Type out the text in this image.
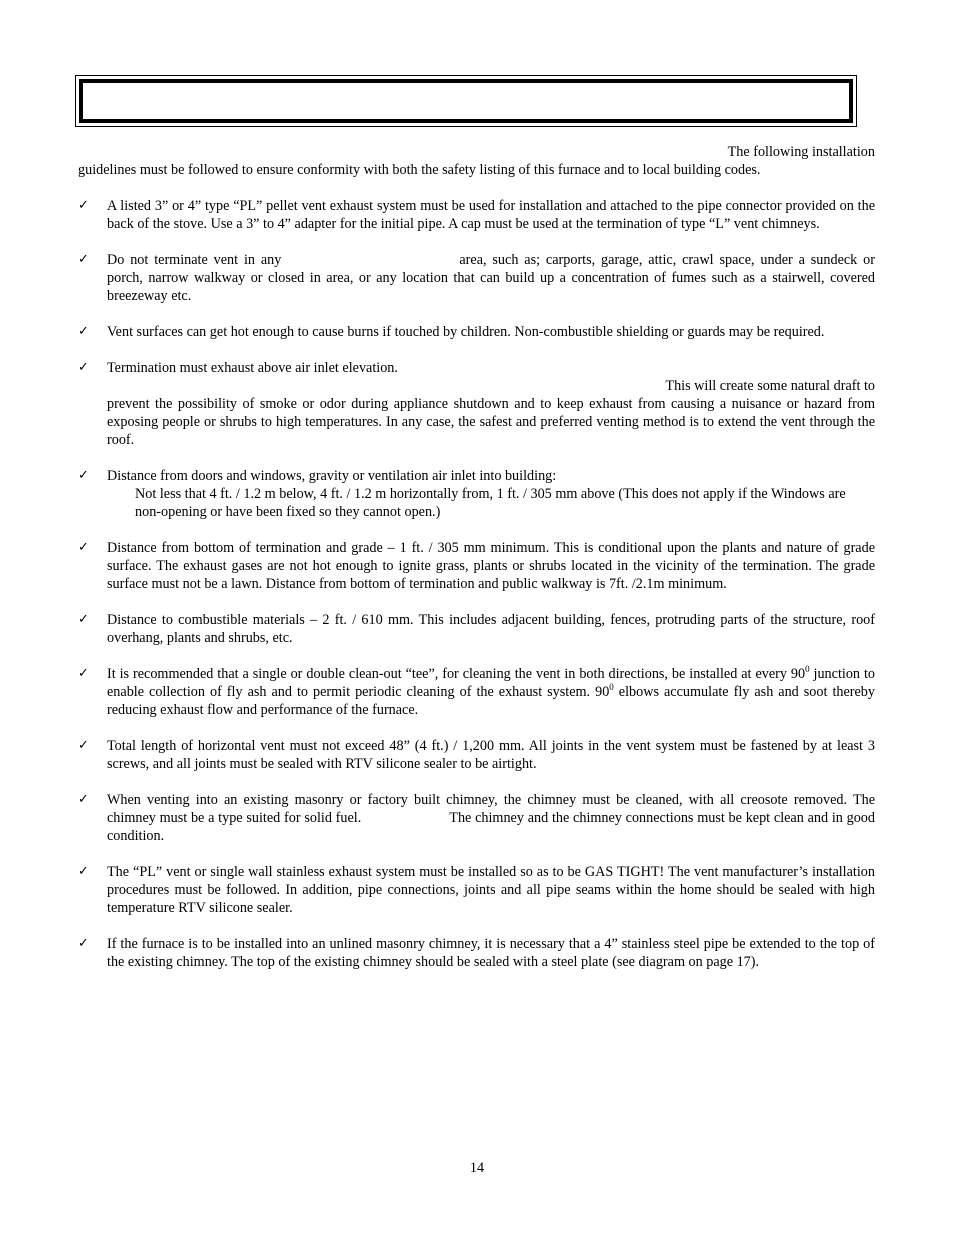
The following installation
guidelines must be followed to ensure conformity with both the safety listing of this furnace and to local building codes.
✓ A listed 3” or 4” type “PL” pellet vent exhaust system must be used for installation and attached to the pipe connector provided on the back of the stove. Use a 3” to 4” adapter for the initial pipe. A cap must be used at the termination of type “L” vent chimneys.
✓ Do not terminate vent in any	area, such as; carports, garage, attic, crawl space, under a sundeck or porch, narrow walkway or closed in area, or any location that can build up a concentration of fumes such as a stairwell, covered breezeway etc.
✓ Vent surfaces can get hot enough to cause burns if touched by children. Non-combustible shielding or guards may be required.
✓ Termination must exhaust above air inlet elevation.
This will create some natural draft to
prevent the possibility of smoke or odor during appliance shutdown and to keep exhaust from causing a nuisance or hazard from exposing people or shrubs to high temperatures. In any case, the safest and preferred venting method is to extend the vent through the roof.
✓ Distance from doors and windows, gravity or ventilation air inlet into building:
Not less that 4 ft. / 1.2 m below, 4 ft. / 1.2 m horizontally from, 1 ft. / 305 mm above (This does not apply if the Windows are non-opening or have been fixed so they cannot open.)
✓ Distance from bottom of termination and grade – 1 ft. / 305 mm minimum. This is conditional upon the plants and nature of grade surface. The exhaust gases are not hot enough to ignite grass, plants or shrubs located in the vicinity of the termination. The grade surface must not be a lawn. Distance from bottom of termination and public walkway is 7ft. /2.1m minimum.
✓ Distance to combustible materials – 2 ft. / 610 mm. This includes adjacent building, fences, protruding parts of the structure, roof overhang, plants and shrubs, etc.
✓ It is recommended that a single or double clean-out “tee”, for cleaning the vent in both directions, be installed at every $90^0$ junction to enable collection of fly ash and to permit periodic cleaning of the exhaust system. $90^0$ elbows accumulate fly ash and soot thereby reducing exhaust flow and performance of the furnace.
✓ Total length of horizontal vent must not exceed 48” (4 ft.) / 1,200 mm. All joints in the vent system must be fastened by at least 3 screws, and all joints must be sealed with RTV silicone sealer to be airtight.
✓ When venting into an existing masonry or factory built chimney, the chimney must be cleaned, with all creosote removed. The chimney must be a type suited for solid fuel.	The chimney and the chimney connections must be kept clean and in good condition.
✓ The “PL” vent or single wall stainless exhaust system must be installed so as to be GAS TIGHT! The vent manufacturer’s installation procedures must be followed. In addition, pipe connections, joints and all pipe seams within the home should be sealed with high temperature RTV silicone sealer.
✓ If the furnace is to be installed into an unlined masonry chimney, it is necessary that a 4” stainless steel pipe be extended to the top of the existing chimney. The top of the existing chimney should be sealed with a steel plate (see diagram on page 17).
14
